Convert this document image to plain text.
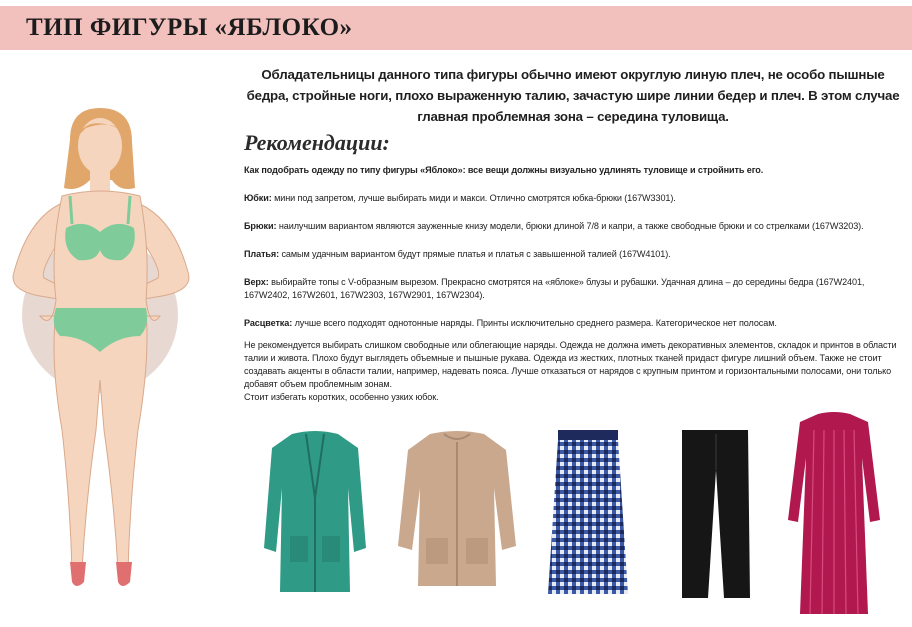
ТИП ФИГУРЫ «ЯБЛОКО»

Обладательницы данного типа фигуры обычно имеют округлую линую плеч, не особо пышные бедра, стройные ноги, плохо выраженную талию, зачастую шире линии бедер и плеч. В этом случае главная проблемная зона – середина туловища.

Рекомендации:

Как подобрать одежду по типу фигуры «Яблоко»: все вещи должны визуально удлинять туловище и стройнить его.

Юбки: мини под запретом, лучше выбирать миди и макси. Отлично смотрятся юбка-брюки (167W3301).

Брюки: наилучшим вариантом являются зауженные книзу модели, брюки длиной 7/8 и капри, а также свободные брюки и со стрелками (167W3203).

Платья: самым удачным вариантом будут прямые платья и платья с завышенной талией (167W4101).

Верх: выбирайте топы с V-образным вырезом. Прекрасно смотрятся на «яблоке» блузы и рубашки. Удачная длина – до середины бедра (167W2401, 167W2402, 167W2601, 167W2303, 167W2901, 167W2304).

Расцветка: лучше всего подходят однотонные наряды. Принты исключительно среднего размера. Категорическое нет полосам.

Не рекомендуется выбирать слишком свободные или облегающие наряды. Одежда не должна иметь декоративных элементов, складок и принтов в области талии и живота. Плохо будут выглядеть объемные и пышные рукава. Одежда из жестких, плотных тканей придаст фигуре лишний объем. Также не стоит создавать акценты в области талии, например, надевать пояса. Лучше отказаться от нарядов с крупным принтом и горизонтальными полосами, они только добавят объем проблемным зонам.
Стоит избегать коротких, особенно узких юбок.
